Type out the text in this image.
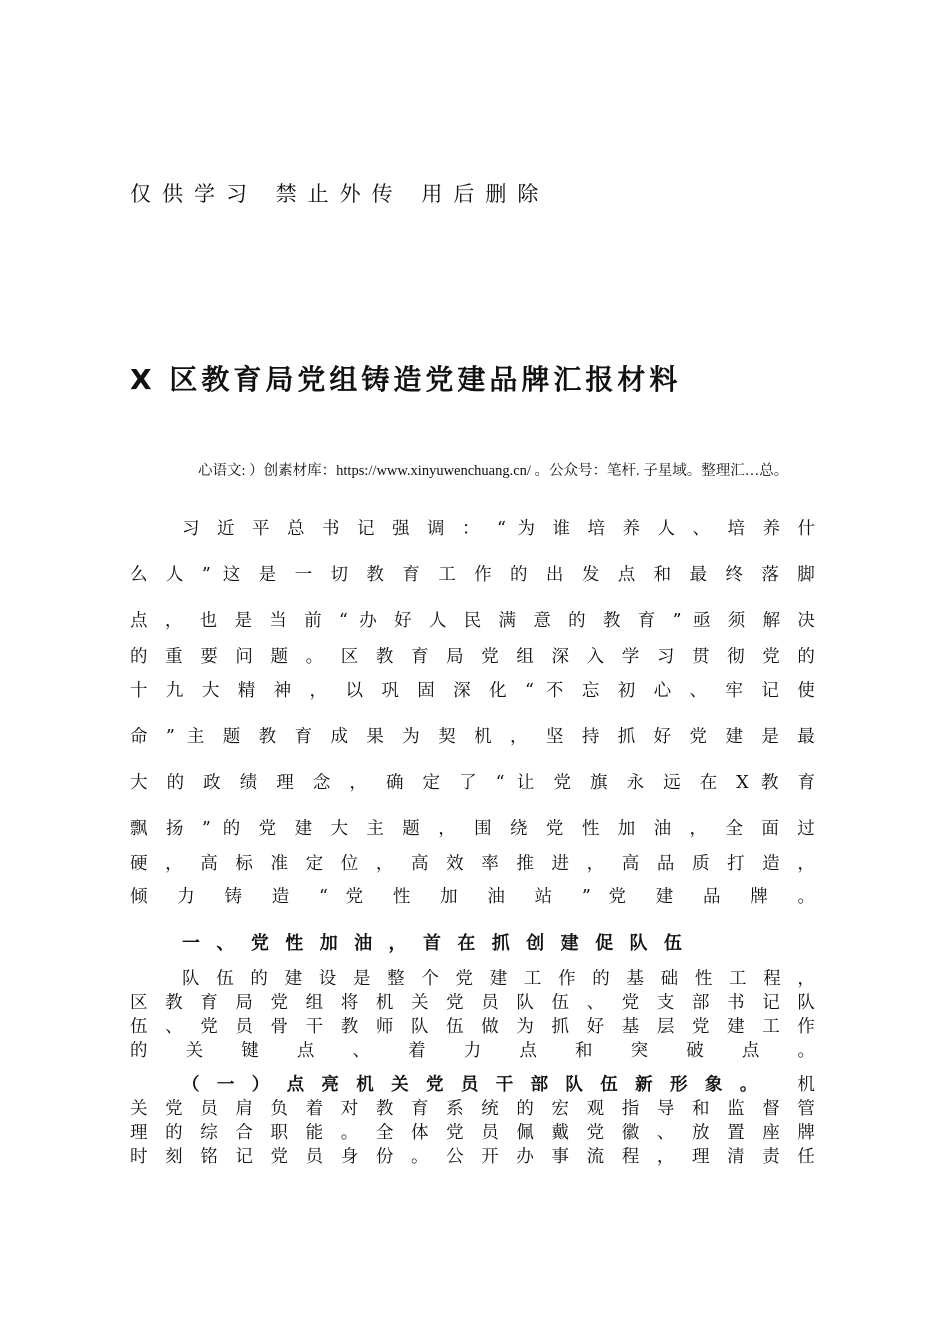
仅供学习 禁止外传 用后删除
X 区教育局党组铸造党建品牌汇报材料
心语文: ）创素材库：https://www.xinyuwenchuang.cn/ 。公众号：笔杆. 子星域。整理汇…总。
习 近 平 总 书 记 强 调 ： “ 为 谁 培 养 人 、 培 养 什
么 人 ” 这 是 一 切 教 育 工 作 的 出 发 点 和 最 终 落 脚
点 ， 也 是 当 前 “ 办 好 人 民 满 意 的 教 育 ” 亟 须 解 决
的 重 要 问 题 。 区 教 育 局 党 组 深 入 学 习 贯 彻 党 的
十 九 大 精 神 ， 以 巩 固 深 化 “ 不 忘 初 心 、 牢 记 使
命 ” 主 题 教 育 成 果 为 契 机 ， 坚 持 抓 好 党 建 是 最
大 的 政 绩 理 念 ， 确 定 了 “ 让 党 旗 永 远 在 X 教 育
飘 扬 ” 的 党 建 大 主 题 ， 围 绕 党 性 加 油 ， 全 面 过
硬 ， 高 标 准 定 位 ， 高 效 率 推 进 ， 高 品 质 打 造 ，
倾 力 铸 造 “ 党 性 加 油 站 ” 党 建 品 牌 。
一 、 党 性 加 油 ， 首 在 抓 创 建 促 队 伍
队 伍 的 建 设 是 整 个 党 建 工 作 的 基 础 性 工 程 ，
区 教 育 局 党 组 将 机 关 党 员 队 伍 、 党 支 部 书 记 队
伍 、 党 员 骨 干 教 师 队 伍 做 为 抓 好 基 层 党 建 工 作
的 关 键 点 、 着 力 点 和 突 破 点 。
（一）点亮机关党员干部队伍新形象。 机
关 党 员 肩 负 着 对 教 育 系 统 的 宏 观 指 导 和 监 督 管
理 的 综 合 职 能 。 全 体 党 员 佩 戴 党 徽 、 放 置 座 牌
时 刻 铭 记 党 员 身 份 。 公 开 办 事 流 程 ， 理 清 责 任
